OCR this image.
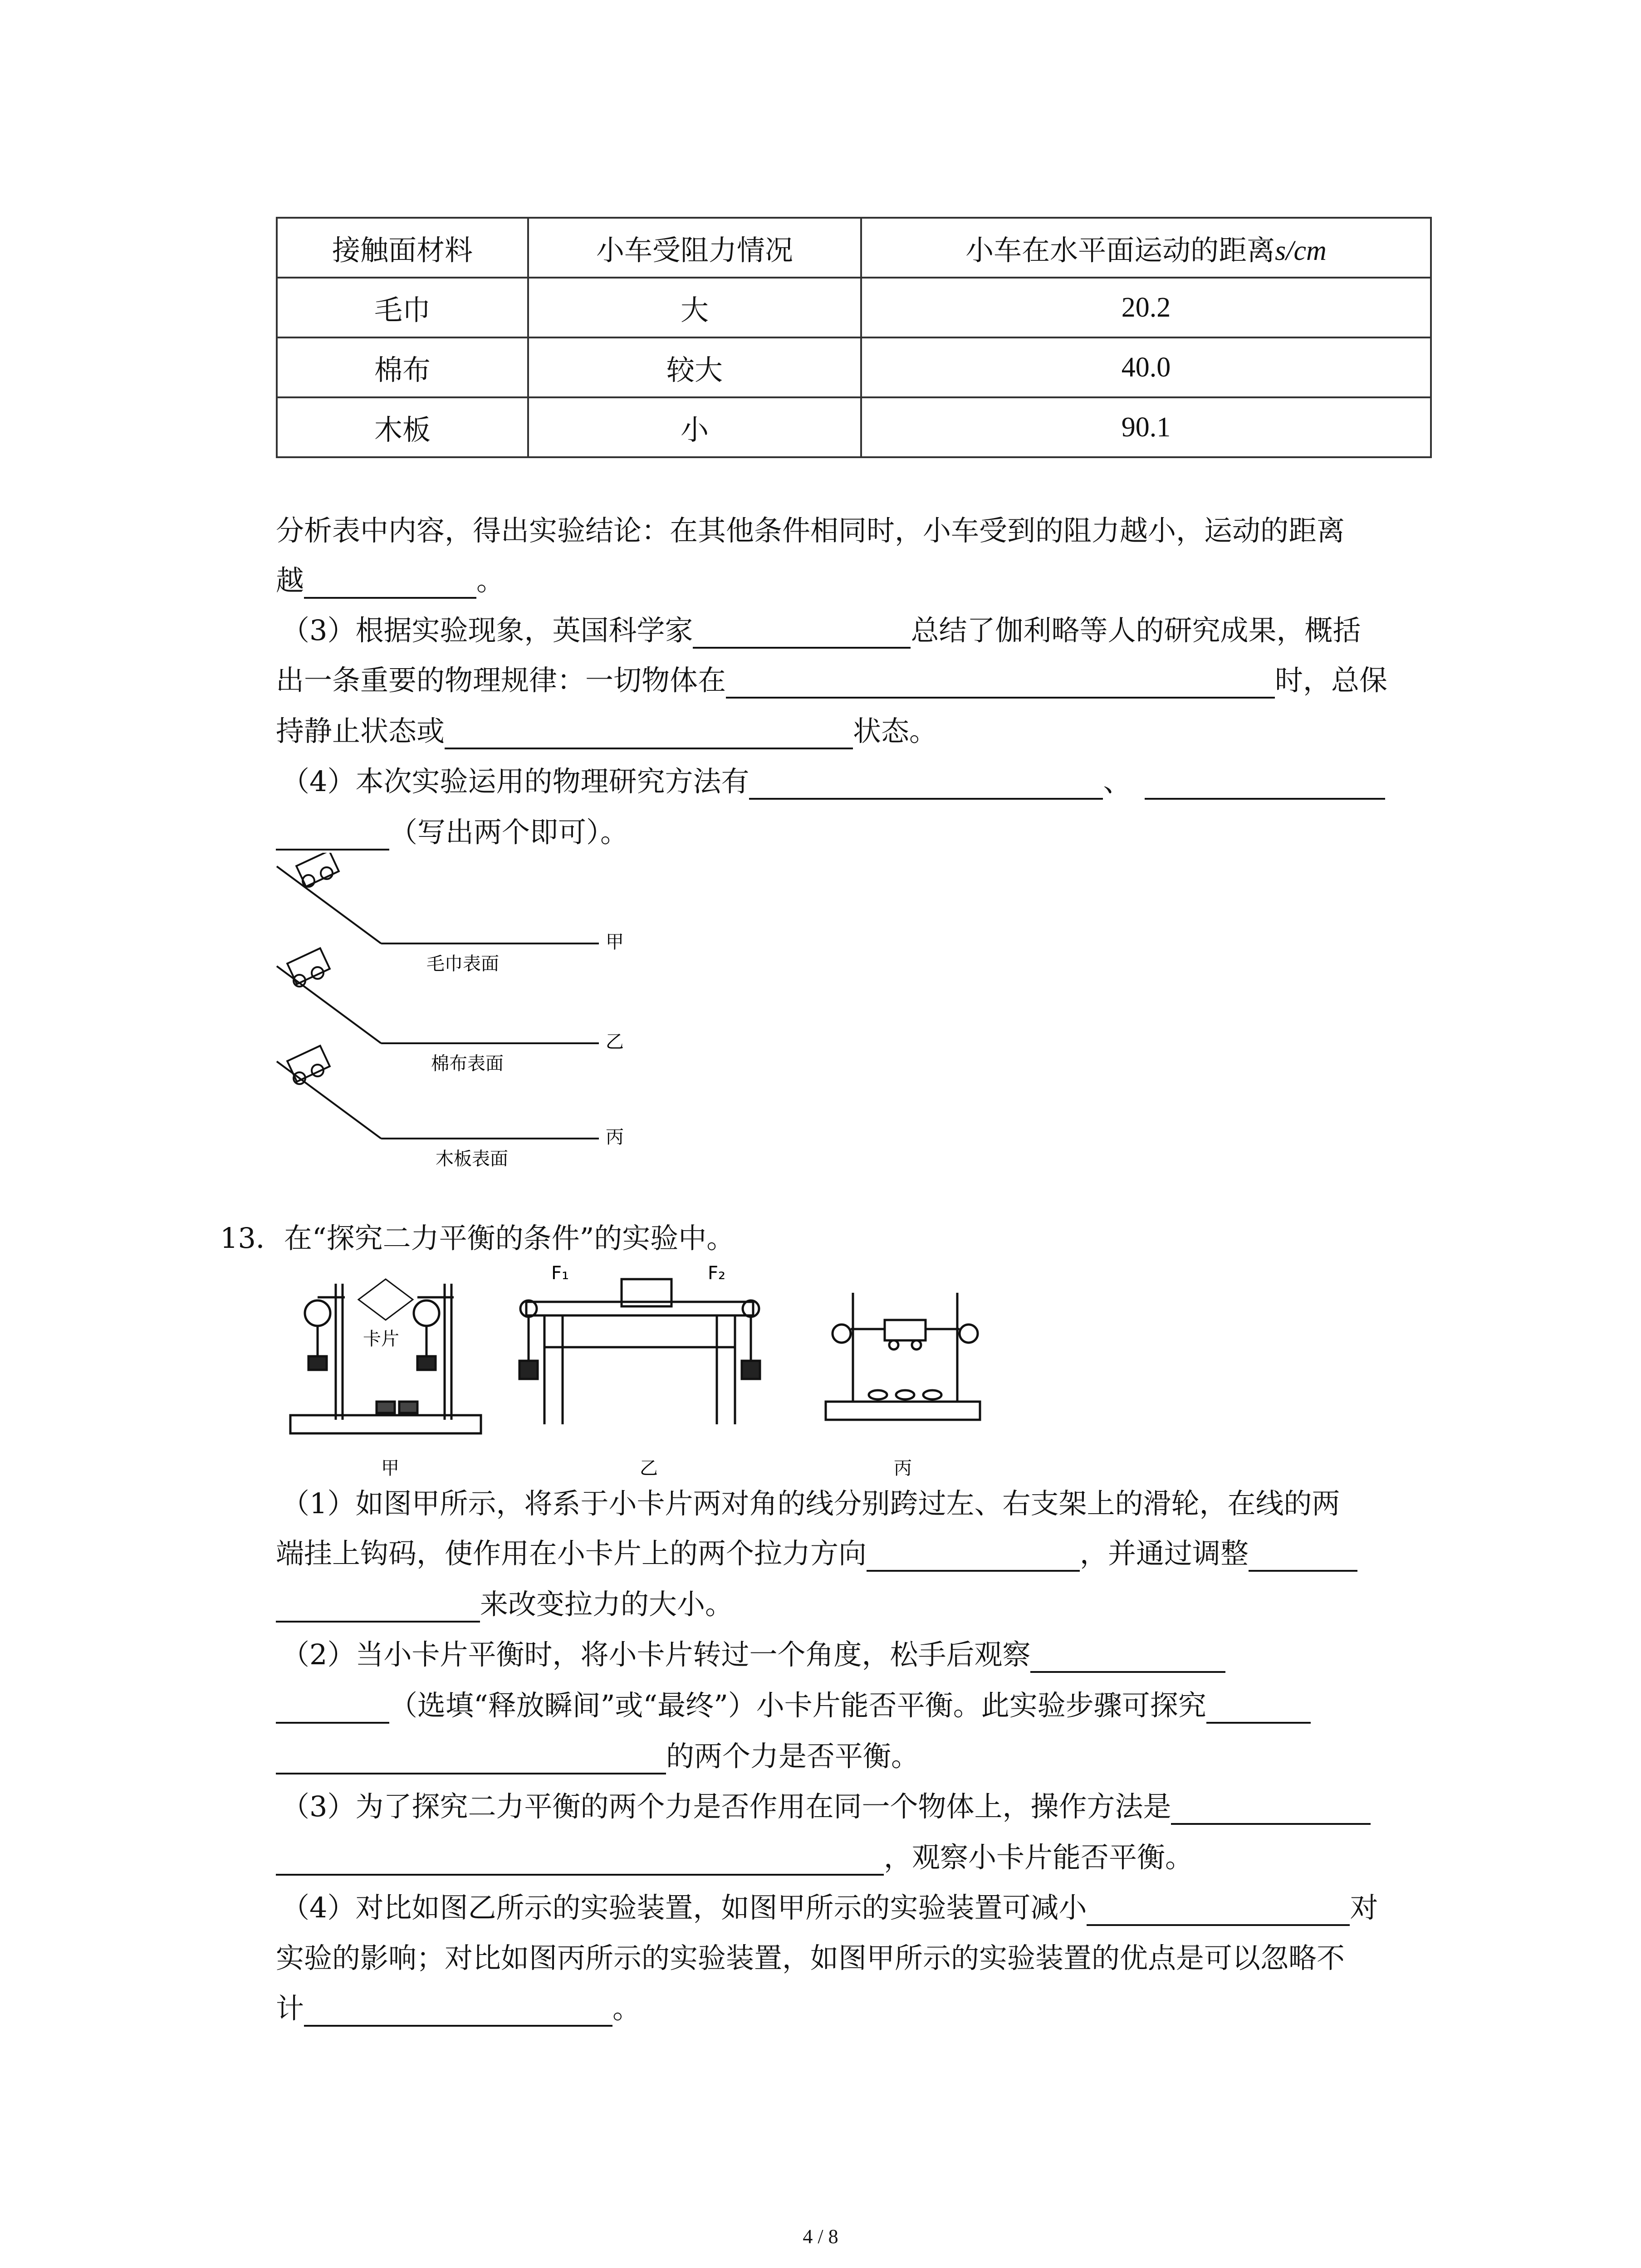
接触面材料	小车受阻力情况	小车在水平面运动的距离s/cm
毛巾	大	20.2
棉布	较大	40.0
木板	小	90.1
分析表中内容，得出实验结论：在其他条件相同时，小车受到的阻力越小，运动的距离
越	。
（3）根据实验现象，英国科学家	总结了伽利略等人的研究成果，概括
出一条重要的物理规律：一切物体在	时，总保
持静止状态或	状态。
（4）本次实验运用的物理研究方法有	、
（写出两个即可）。
毛巾表面
棉布表面
木板表面
甲
乙
丙
13．在“探究二力平衡的条件”的实验中。
卡片
F₁	F₂
甲	乙	丙
（1）如图甲所示，将系于小卡片两对角的线分别跨过左、右支架上的滑轮，在线的两
端挂上钩码，使作用在小卡片上的两个拉力方向	，并通过调整
来改变拉力的大小。
（2）当小卡片平衡时，将小卡片转过一个角度，松手后观察
（选填“释放瞬间”或“最终”）小卡片能否平衡。此实验步骤可探究
的两个力是否平衡。
（3）为了探究二力平衡的两个力是否作用在同一个物体上，操作方法是
，观察小卡片能否平衡。
（4）对比如图乙所示的实验装置，如图甲所示的实验装置可减小	对
实验的影响；对比如图丙所示的实验装置，如图甲所示的实验装置的优点是可以忽略不
计	。
4 / 8
